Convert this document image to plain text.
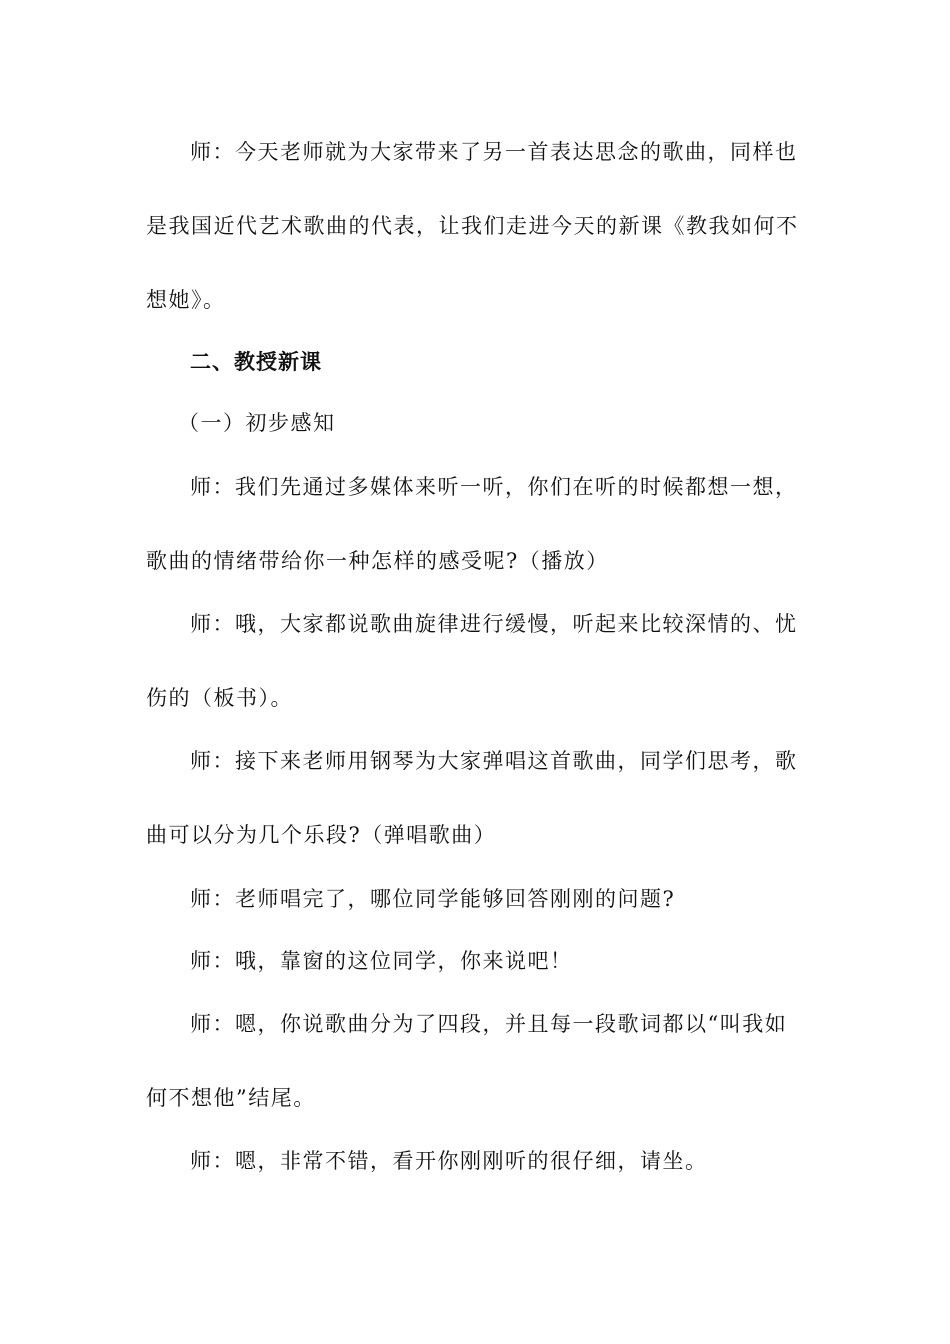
师：今天老师就为大家带来了另一首表达思念的歌曲，同样也
是我国近代艺术歌曲的代表，让我们走进今天的新课《教我如何不
想她》。
二、教授新课
（一）初步感知
师：我们先通过多媒体来听一听，你们在听的时候都想一想，
歌曲的情绪带给你一种怎样的感受呢?（播放）
师：哦，大家都说歌曲旋律进行缓慢，听起来比较深情的、忧
伤的（板书）。
师：接下来老师用钢琴为大家弹唱这首歌曲，同学们思考，歌
曲可以分为几个乐段?（弹唱歌曲）
师：老师唱完了，哪位同学能够回答刚刚的问题?
师：哦，靠窗的这位同学，你来说吧！
师：嗯，你说歌曲分为了四段，并且每一段歌词都以“叫我如
何不想他”结尾。
师：嗯，非常不错，看开你刚刚听的很仔细，请坐。
